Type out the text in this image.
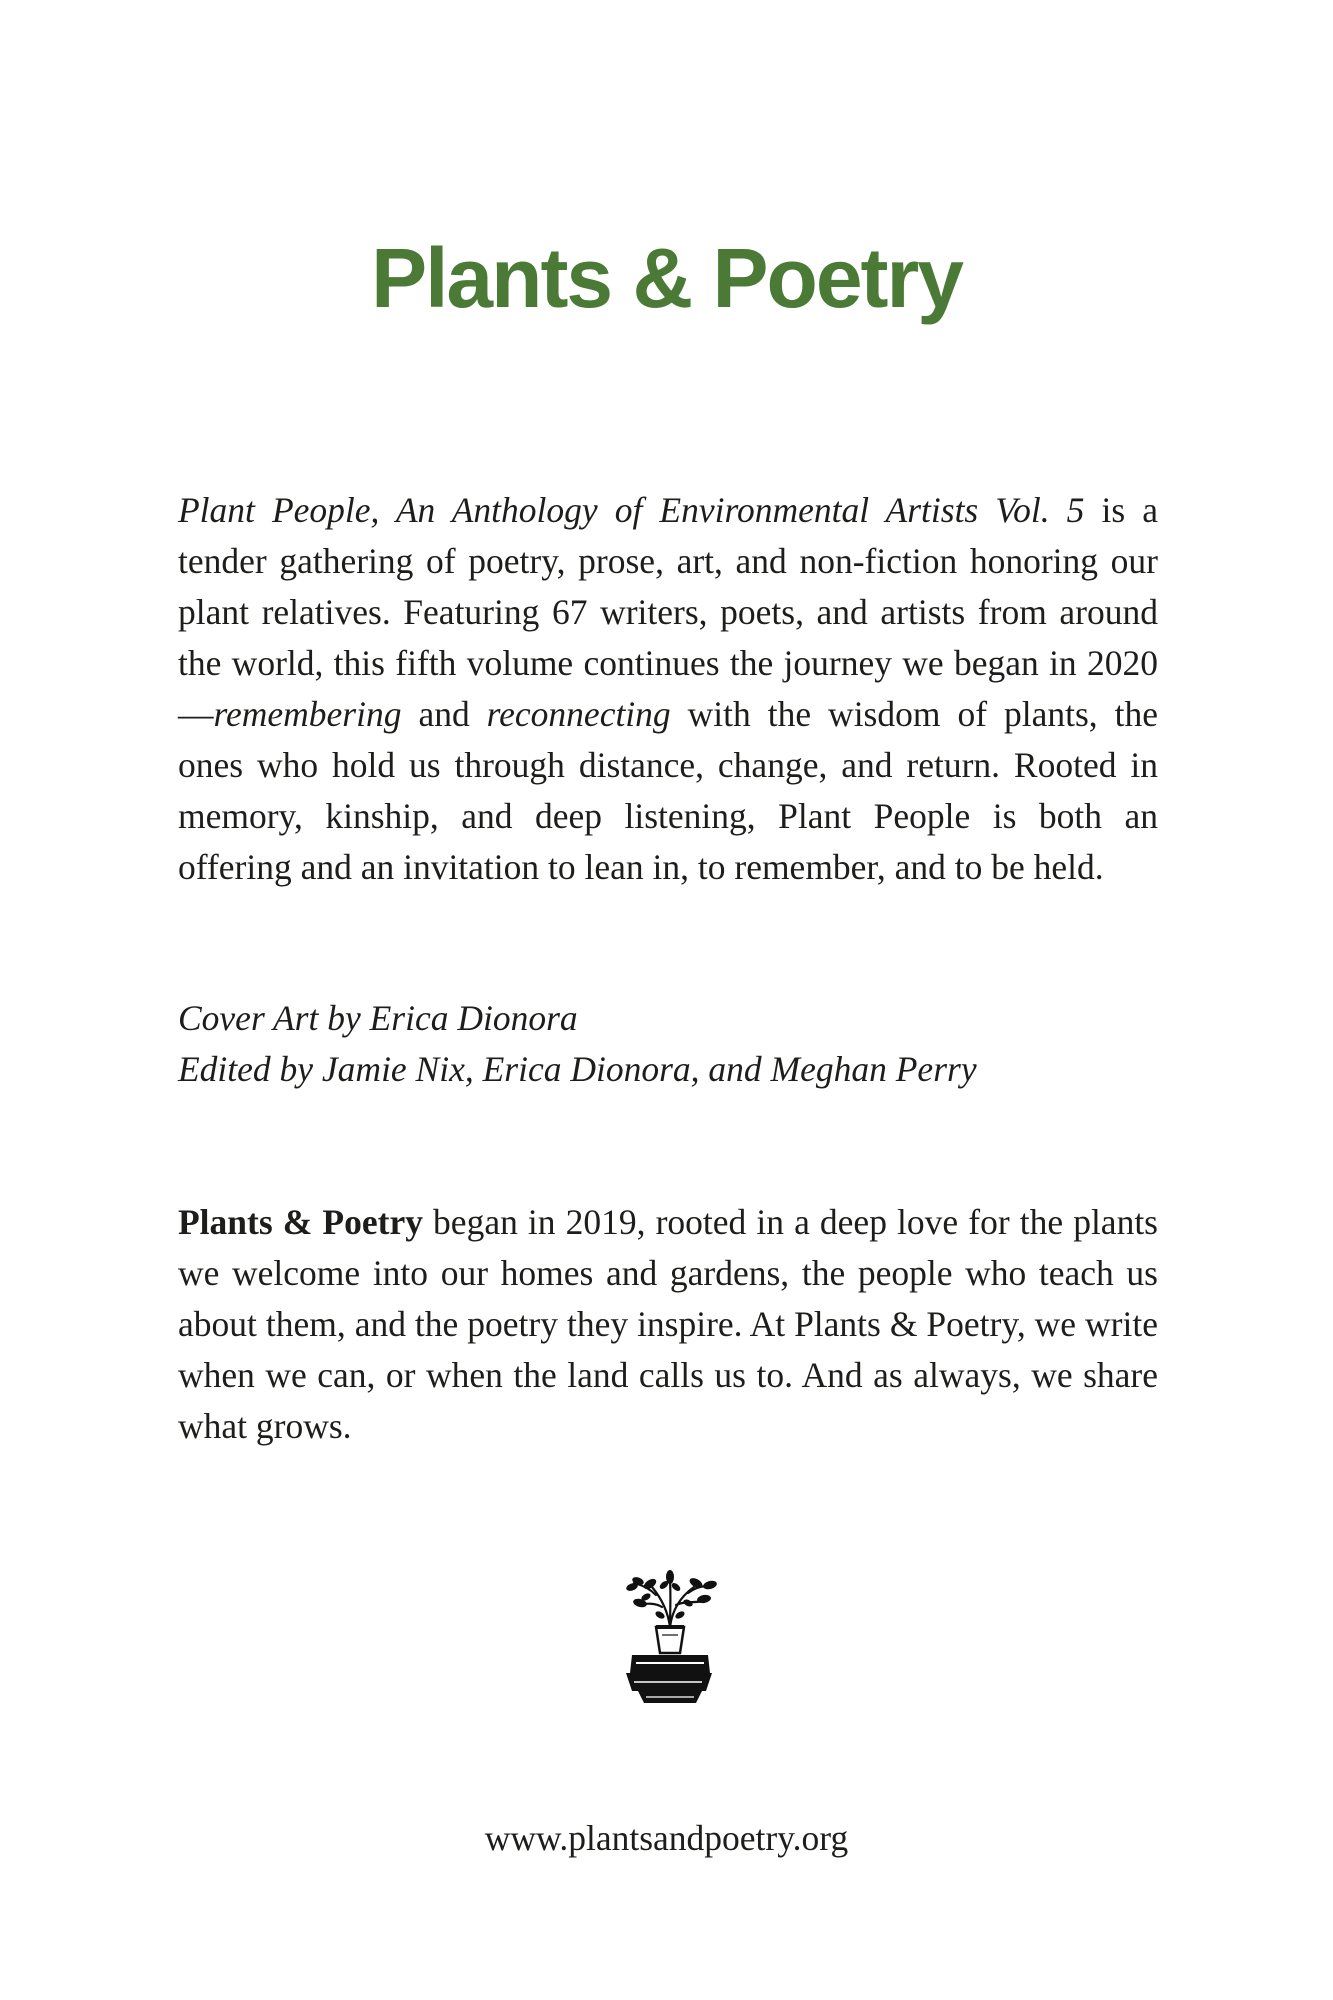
Plants & Poetry

Plant People, An Anthology of Environmental Artists Vol. 5 is a tender gathering of poetry, prose, art, and non-fiction honoring our plant relatives. Featuring 67 writers, poets, and artists from around the world, this fifth volume continues the journey we began in 2020—remembering and reconnecting with the wisdom of plants, the ones who hold us through distance, change, and return. Rooted in memory, kinship, and deep listening, Plant People is both an offering and an invitation to lean in, to remember, and to be held.

Cover Art by Erica Dionora
Edited by Jamie Nix, Erica Dionora, and Meghan Perry

Plants & Poetry began in 2019, rooted in a deep love for the plants we welcome into our homes and gardens, the people who teach us about them, and the poetry they inspire. At Plants & Poetry, we write when we can, or when the land calls us to. And as always, we share what grows.

www.plantsandpoetry.org
